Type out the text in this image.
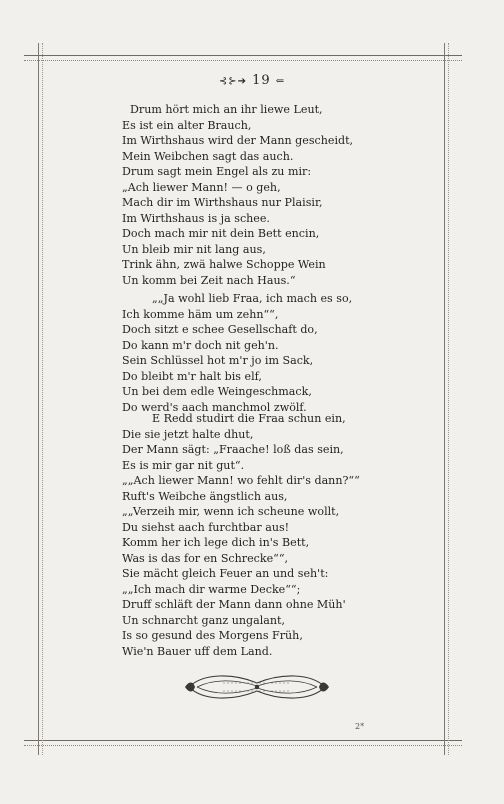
⊰⊱➔ 19 ⇐
Drum hört mich an ihr liewe Leut,
Es ist ein alter Brauch,
Im Wirthshaus wird der Mann gescheidt,
Mein Weibchen sagt das auch.
Drum sagt mein Engel als zu mir:
„Ach liewer Mann! — o geh,
Mach dir im Wirthshaus nur Plaisir,
Im Wirthshaus is ja schee.
Doch mach mir nit dein Bett encin,
Un bleib mir nit lang aus,
Trink ähn, zwä halwe Schoppe Wein
Un komm bei Zeit nach Haus.“
„„Ja wohl lieb Fraa, ich mach es so,
Ich komme häm um zehn““,
Doch sitzt e schee Gesellschaft do,
Do kann m'r doch nit geh'n.
Sein Schlüssel hot m'r jo im Sack,
Do bleibt m'r halt bis elf,
Un bei dem edle Weingeschmack,
Do werd's aach manchmol zwölf.
E Redd studirt die Fraa schun ein,
Die sie jetzt halte dhut,
Der Mann sägt: „Fraache! loß das sein,
Es is mir gar nit gut“.
„„Ach liewer Mann! wo fehlt dir's dann?““
Ruft's Weibche ängstlich aus,
„„Verzeih mir, wenn ich scheune wollt,
Du siehst aach furchtbar aus!
Komm her ich lege dich in's Bett,
Was is das for en Schrecke““,
Sie mächt gleich Feuer an und seh't:
„„Ich mach dir warme Decke““;
Druff schläft der Mann dann ohne Müh'
Un schnarcht ganz ungalant,
Is so gesund des Morgens Früh,
Wie'n Bauer uff dem Land.
2*
